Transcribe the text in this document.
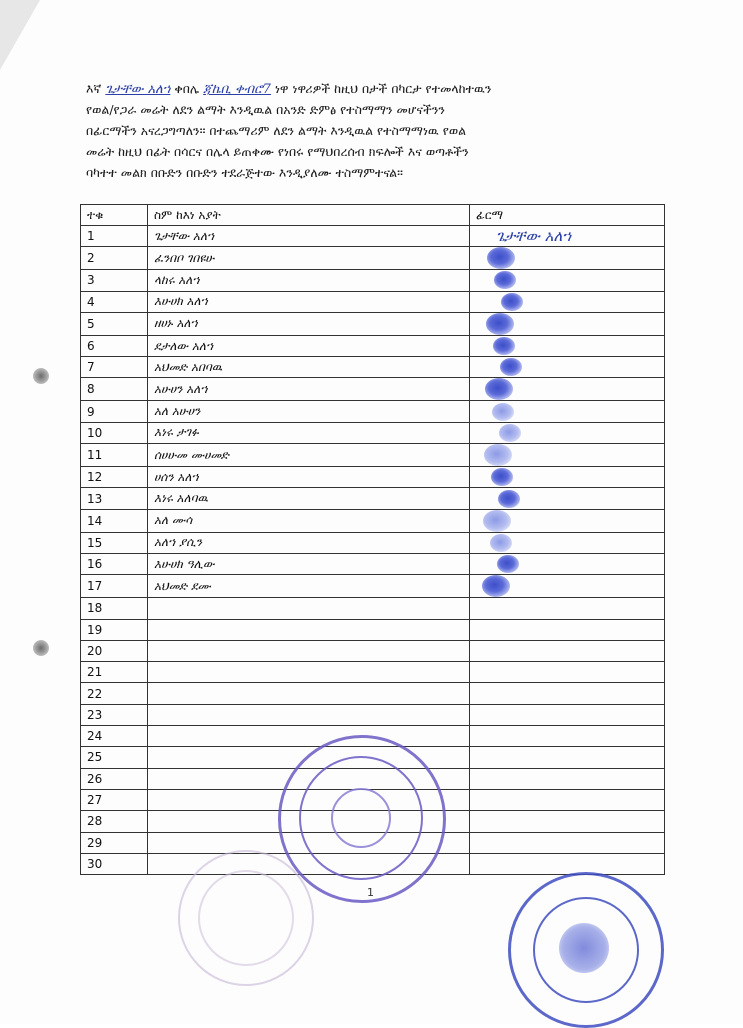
እኛ ጌታቸው አለኀ ቀበሌ ጃኬቢ ቀብሮ7 ነዋ ነዋሪዎች ከዚህ በታች በካርታ የተመላከተዉን
የወል/የጋራ መሬት ለደን ልማት እንዲዉል በአንድ ድምፅ የተስማማን መሆናችንን
በፊርማችን አናረጋግጣለን። በተጨማሪም ለደን ልማት እንዲዉል የተስማማነዉ የወል
መሬት ከዚህ በፊት በሳርና በሌላ ይጠቀሙ የነበሩ የማህበረሰብ ክፍሎች እና ወጣቶችን
ባካተተ መልክ በቡድን በቡድን ተደራጅተው እንዲያለሙ ተስማምተናል።
ተቁ	ስም ከእነ አያት	ፊርማ
1	ጌታቸው አለኀ	ጌታቸው አለኀ
2	ፈንበቦ ገበዩሁ	
3	ላከሩ አለኀ	
4	እሁሀክ አለኀ	
5	ዘሀኑ አለኀ	
6	ደታለው አለኀ	
7	አህመድ አበባዉ	
8	አሁሀን አለኀ	
9	አለ አሁሀን	
10	እነሩ ታገፉ	
11	ሰሀሁመ ሙሀመድ	
12	ሀሰን አለኀ	
13	እነሩ አለባዉ	
14	አለ ሙሳ	
15	አለኀ ያሲን	
16	እሁሀክ ዓሊው	
17	አህመድ ደሙ	
18		
19		
20		
21		
22		
23		
24		
25		
26		
27		
28		
29		
30		
1
